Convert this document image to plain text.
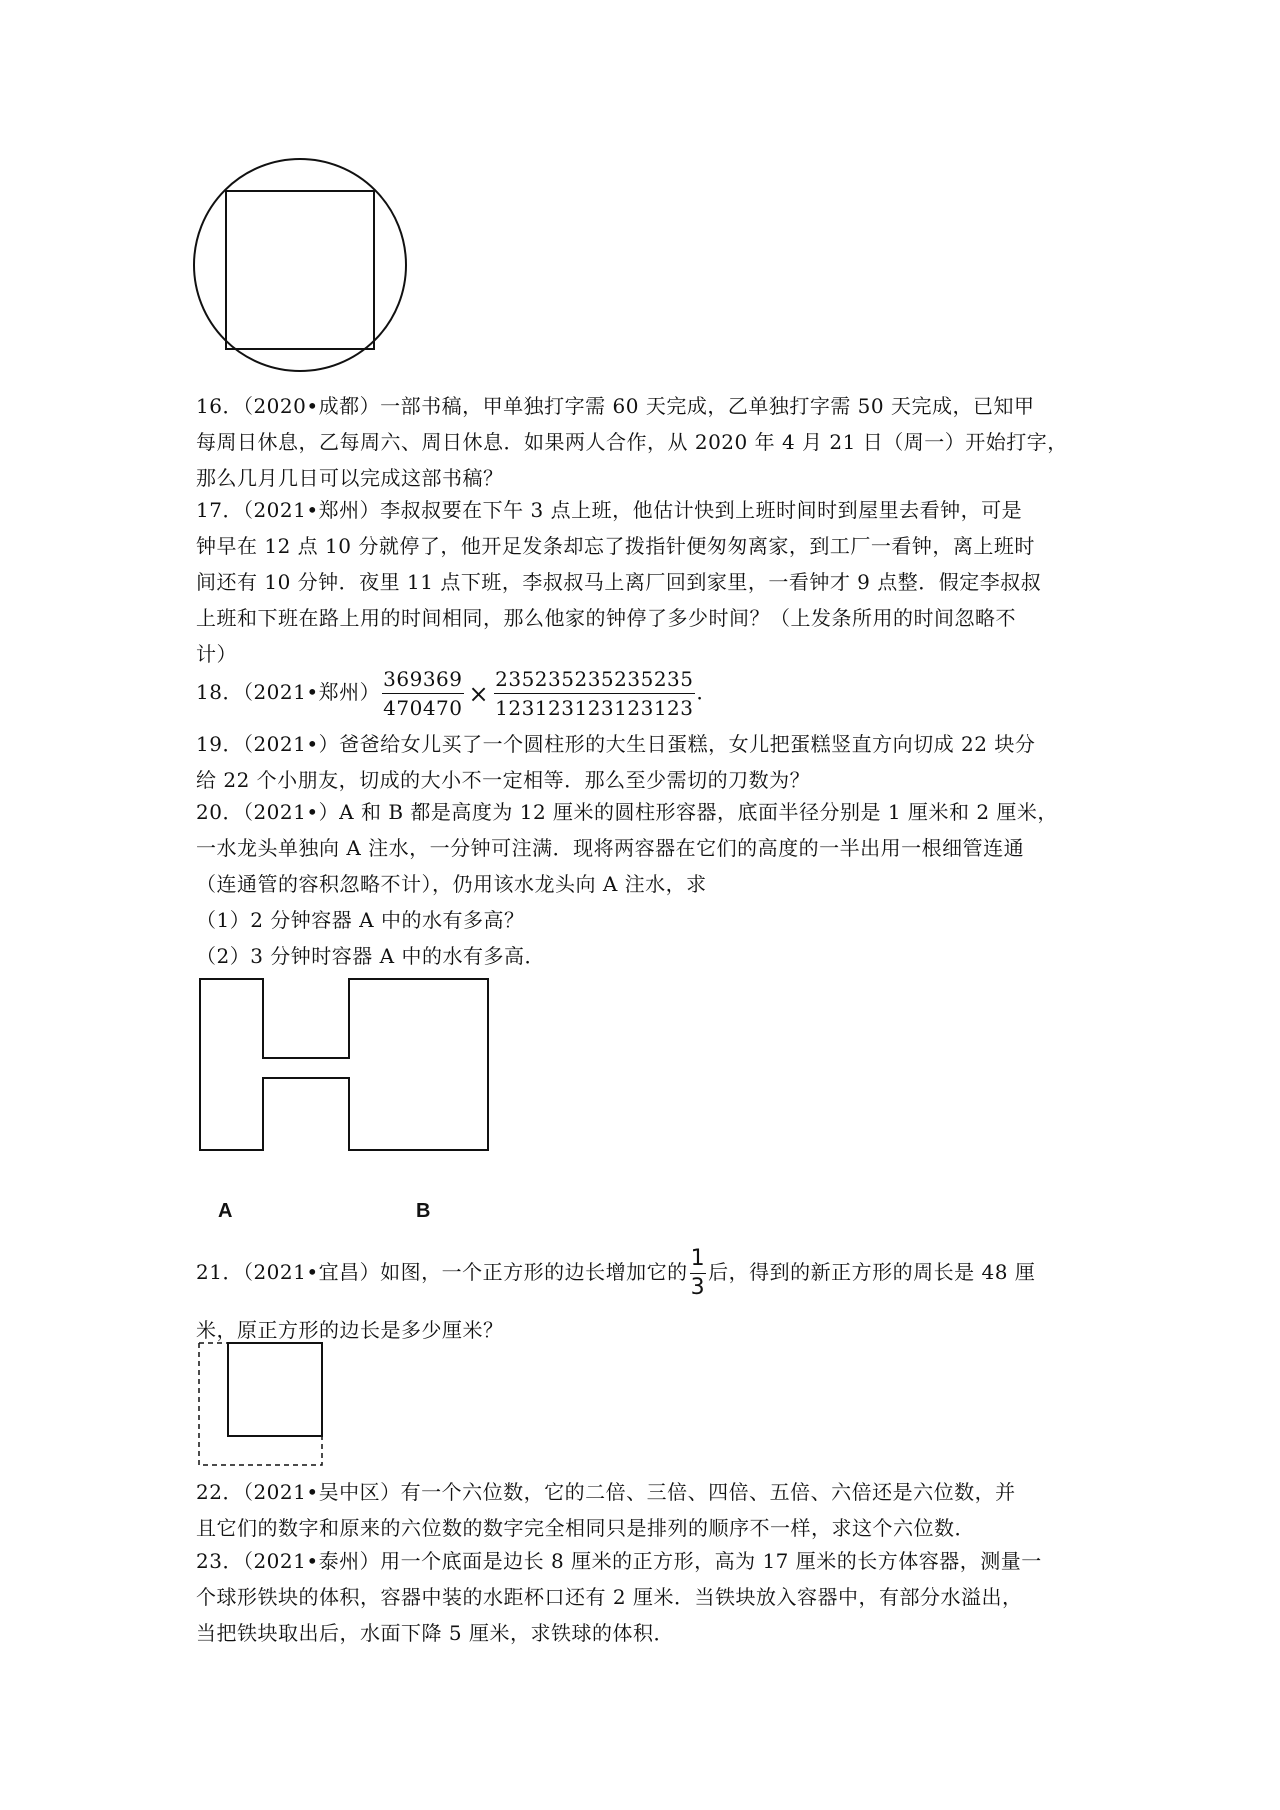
16．（2020•成都）一部书稿，甲单独打字需 60 天完成，乙单独打字需 50 天完成，已知甲

每周日休息，乙每周六、周日休息．如果两人合作，从 2020 年 4 月 21 日（周一）开始打字，

那么几月几日可以完成这部书稿？

17．（2021•郑州）李叔叔要在下午 3 点上班，他估计快到上班时间时到屋里去看钟，可是

钟早在 12 点 10 分就停了，他开足发条却忘了拨指针便匆匆离家，到工厂一看钟，离上班时

间还有 10 分钟．夜里 11 点下班，李叔叔马上离厂回到家里，一看钟才 9 点整．假定李叔叔

上班和下班在路上用的时间相同，那么他家的钟停了多少时间？（上发条所用的时间忽略不

计）

18．（2021•郑州） $\frac{369369}{470470} \times \frac{235235235235235}{123123123123123}$ ．

19．（2021•）爸爸给女儿买了一个圆柱形的大生日蛋糕，女儿把蛋糕竖直方向切成 22 块分

给 22 个小朋友，切成的大小不一定相等．那么至少需切的刀数为？

20．（2021•）A 和 B 都是高度为 12 厘米的圆柱形容器，底面半径分别是 1 厘米和 2 厘米，

一水龙头单独向 A 注水，一分钟可注满．现将两容器在它们的高度的一半出用一根细管连通

（连通管的容积忽略不计），仍用该水龙头向 A 注水，求

（1）2 分钟容器 A 中的水有多高？

（2）3 分钟时容器 A 中的水有多高．

A	B

21．（2021•宜昌）如图，一个正方形的边长增加它的 $\frac{1}{3}$ 后，得到的新正方形的周长是 48 厘

米，原正方形的边长是多少厘米？

22．（2021•吴中区）有一个六位数，它的二倍、三倍、四倍、五倍、六倍还是六位数，并

且它们的数字和原来的六位数的数字完全相同只是排列的顺序不一样，求这个六位数．

23．（2021•泰州）用一个底面是边长 8 厘米的正方形，高为 17 厘米的长方体容器，测量一

个球形铁块的体积，容器中装的水距杯口还有 2 厘米．当铁块放入容器中，有部分水溢出，

当把铁块取出后，水面下降 5 厘米，求铁球的体积．
